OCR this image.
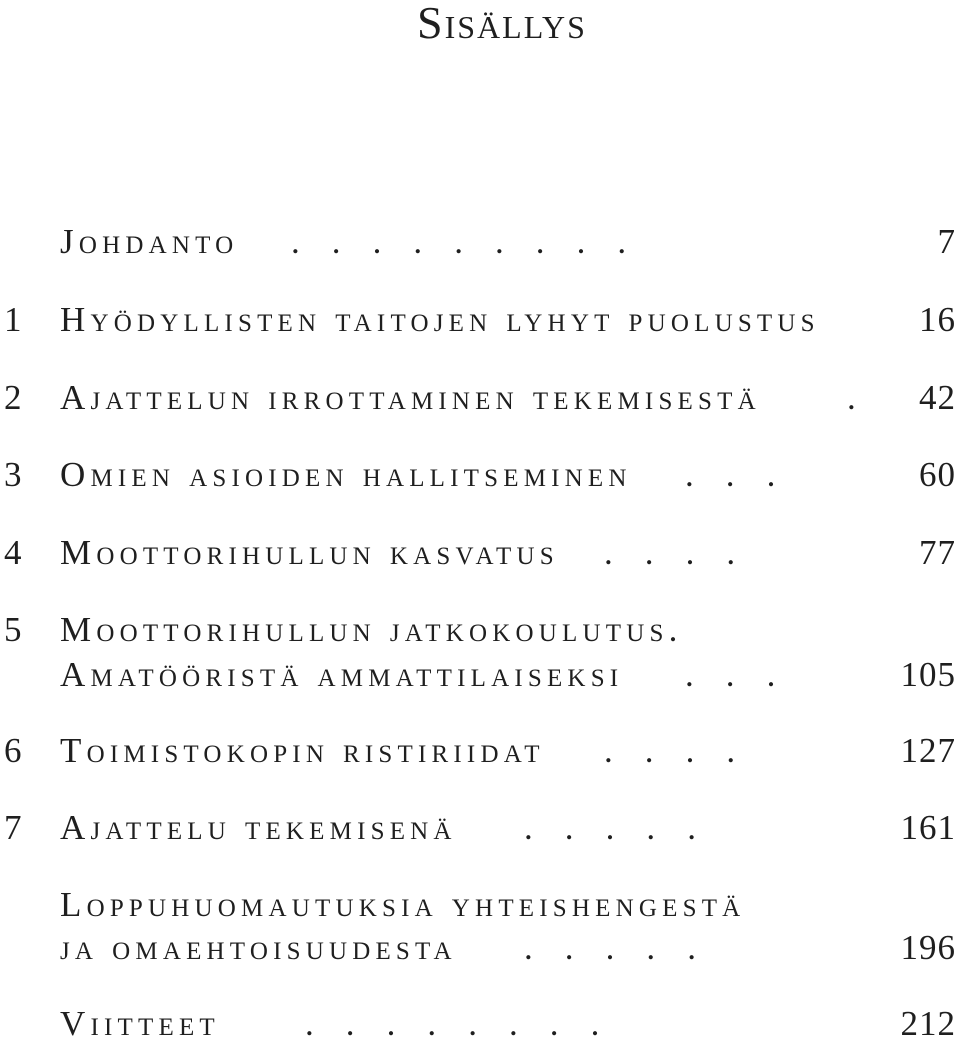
Sisällys
Johdanto . . . . . . . . .	7
1	Hyödyllisten taitojen lyhyt puolustus	16
2	Ajattelun irrottaminen tekemisestä .	42
3	Omien asioiden hallitseminen . . .	60
4	Moottorihullun kasvatus . . . .	77
5	Moottorihullun jatkokoulutus.
Amatööristä ammattilaiseksi . . .	105
6	Toimistokopin ristiriidat . . . .	127
7	Ajattelu tekemisenä . . . . .	161
Loppuhuomautuksia yhteishengestä
ja omaehtoisuudesta . . . . .	196
Viitteet . . . . . . . .	212
